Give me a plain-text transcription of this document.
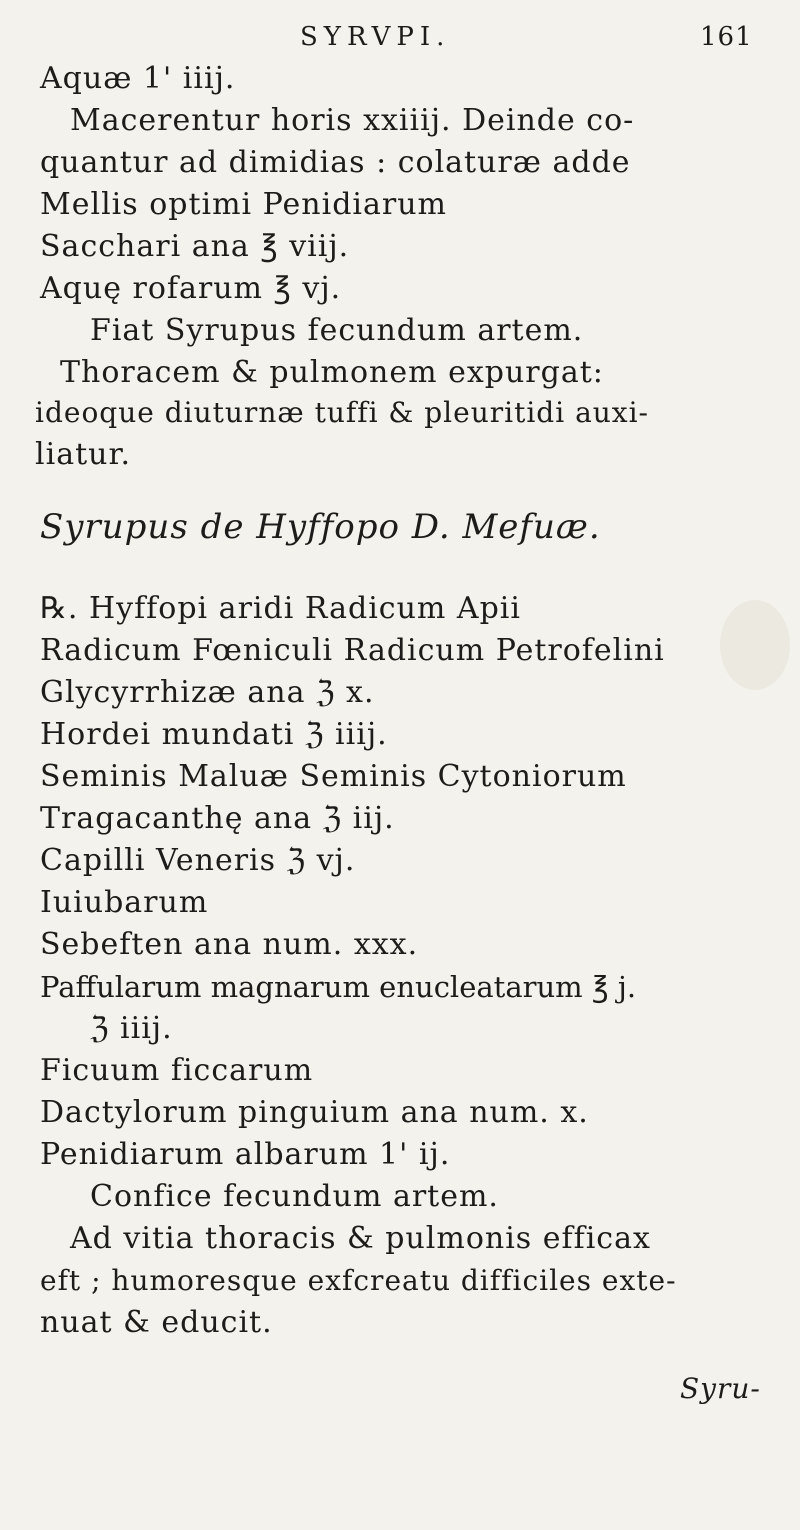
SYRVPI.	161
Aquæ 1' iiij.
Macerentur horis xxiiij. Deinde co-
quantur ad dimidias : colaturæ adde
Mellis optimi Penidiarum
Sacchari ana ℥ viij.
Aquę rofarum ℥ vj.
Fiat Syrupus fecundum artem.
Thoracem & pulmonem expurgat:
ideoque diuturnæ tuffi & pleuritidi auxi-
liatur.
Syrupus de Hyffopo D. Mefuæ.
℞. Hyffopi aridi Radicum Apii
Radicum Fœniculi Radicum Petrofelini
Glycyrrhizæ ana ℨ x.
Hordei mundati ℨ iiij.
Seminis Maluæ Seminis Cytoniorum
Tragacanthę ana ℨ iij.
Capilli Veneris ℨ vj.
Iuiubarum
Sebeften ana num. xxx.
Paffularum magnarum enucleatarum ℥ j.
ℨ iiij.
Ficuum ficcarum
Dactylorum pinguium ana num. x.
Penidiarum albarum 1' ij.
Confice fecundum artem.
Ad vitia thoracis & pulmonis efficax
eft ; humoresque exfcreatu difficiles exte-
nuat & educit.
Syru-
